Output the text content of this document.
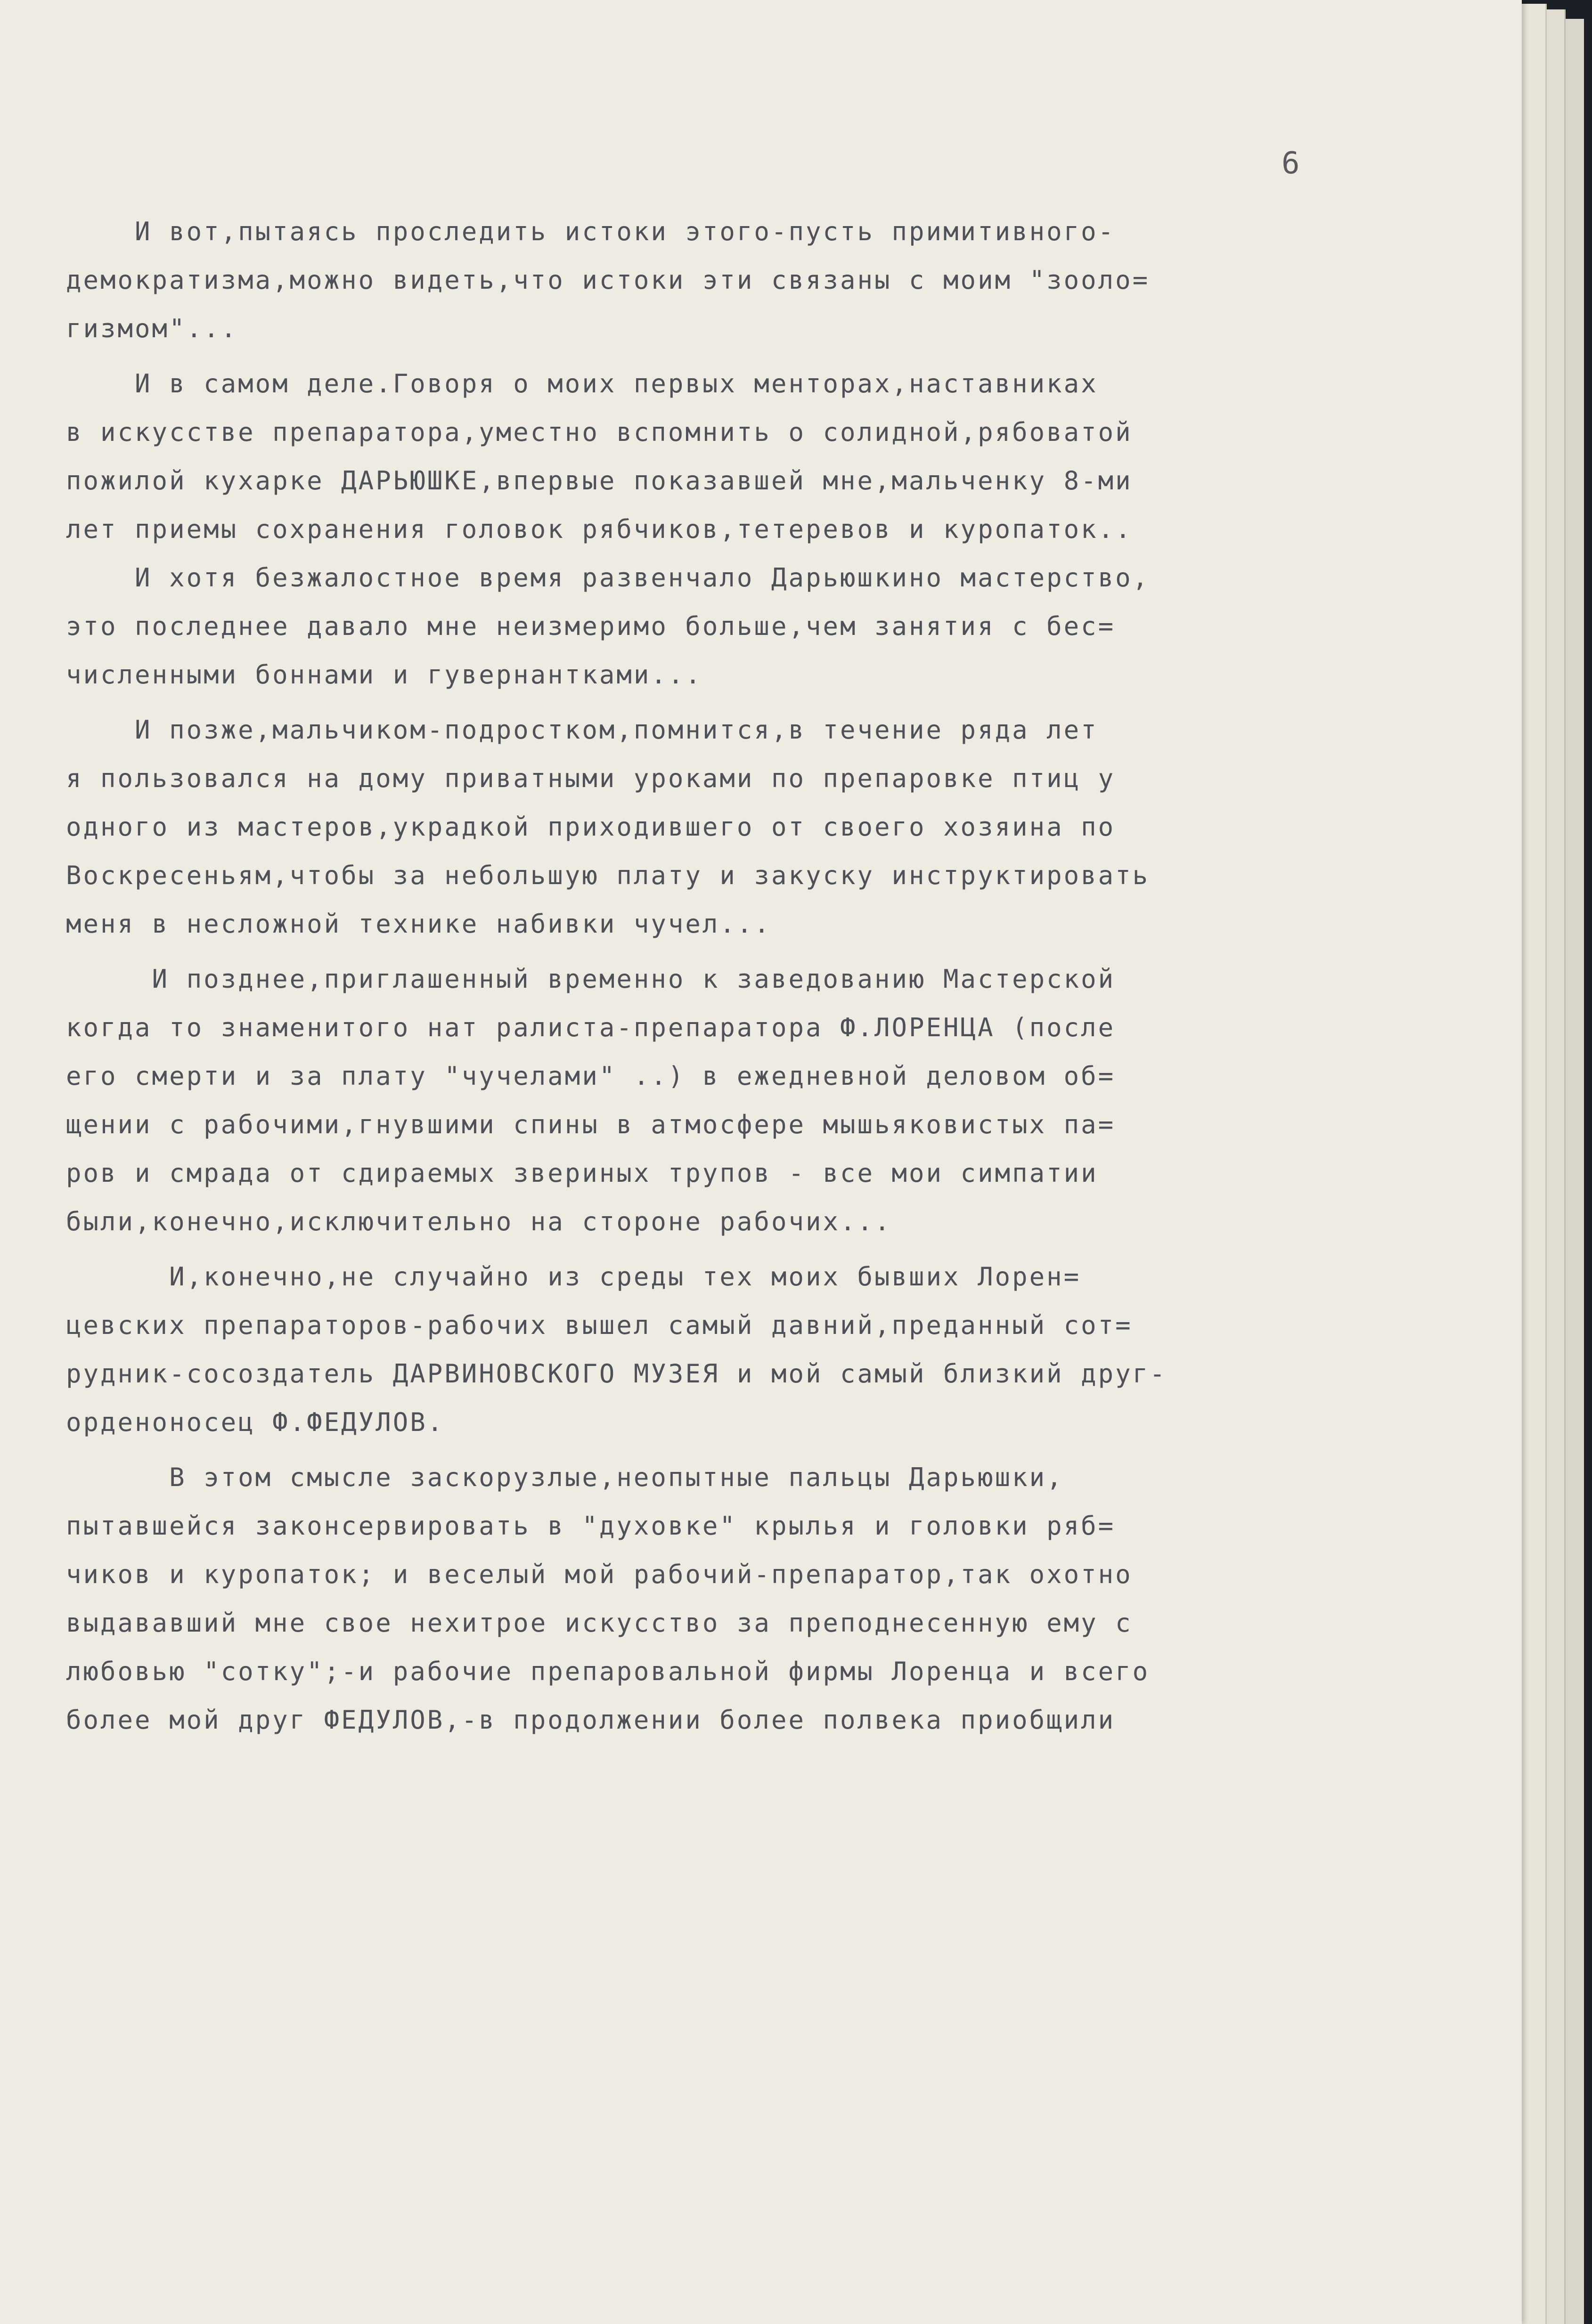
6
И вот,пытаясь проследить истоки этого-пусть примитивного-
демократизма,можно видеть,что истоки эти связаны с моим "зооло=
гизмом"...
И в самом деле.Говоря о моих первых менторах,наставниках
в искусстве препаратора,уместно вспомнить о солидной,рябоватой
пожилой кухарке ДАРЬЮШКЕ,впервые показавшей мне,мальченку 8-ми
лет приемы сохранения головок рябчиков,тетеревов и куропаток..
И хотя безжалостное время развенчало Дарьюшкино мастерство,
это последнее давало мне неизмеримо больше,чем занятия с бес=
численными боннами и гувернантками...
И позже,мальчиком-подростком,помнится,в течение ряда лет
я пользовался на дому приватными уроками по препаровке птиц у
одного из мастеров,украдкой приходившего от своего хозяина по
Воскресеньям,чтобы за небольшую плату и закуску инструктировать
меня в несложной технике набивки чучел...
И позднее,приглашенный временно к заведованию Мастерской
когда то знаменитого нат ралиста-препаратора Ф.ЛОРЕНЦА (после
его смерти и за плату "чучелами" ..) в ежедневной деловом об=
щении с рабочими,гнувшими спины в атмосфере мышьяковистых па=
ров и смрада от сдираемых звериных трупов - все мои симпатии
были,конечно,исключительно на стороне рабочих...
И,конечно,не случайно из среды тех моих бывших Лорен=
цевских препараторов-рабочих вышел самый давний,преданный сот=
рудник-сосоздатель ДАРВИНОВСКОГО МУЗЕЯ и мой самый близкий друг-
орденоносец Ф.ФЕДУЛОВ.
В этом смысле заскорузлые,неопытные пальцы Дарьюшки,
пытавшейся законсервировать в "духовке" крылья и головки ряб=
чиков и куропаток; и веселый мой рабочий-препаратор,так охотно
выдававший мне свое нехитрое искусство за преподнесенную ему с
любовью "сотку";-и рабочие препаровальной фирмы Лоренца и всего
более мой друг ФЕДУЛОВ,-в продолжении более полвека приобщили
